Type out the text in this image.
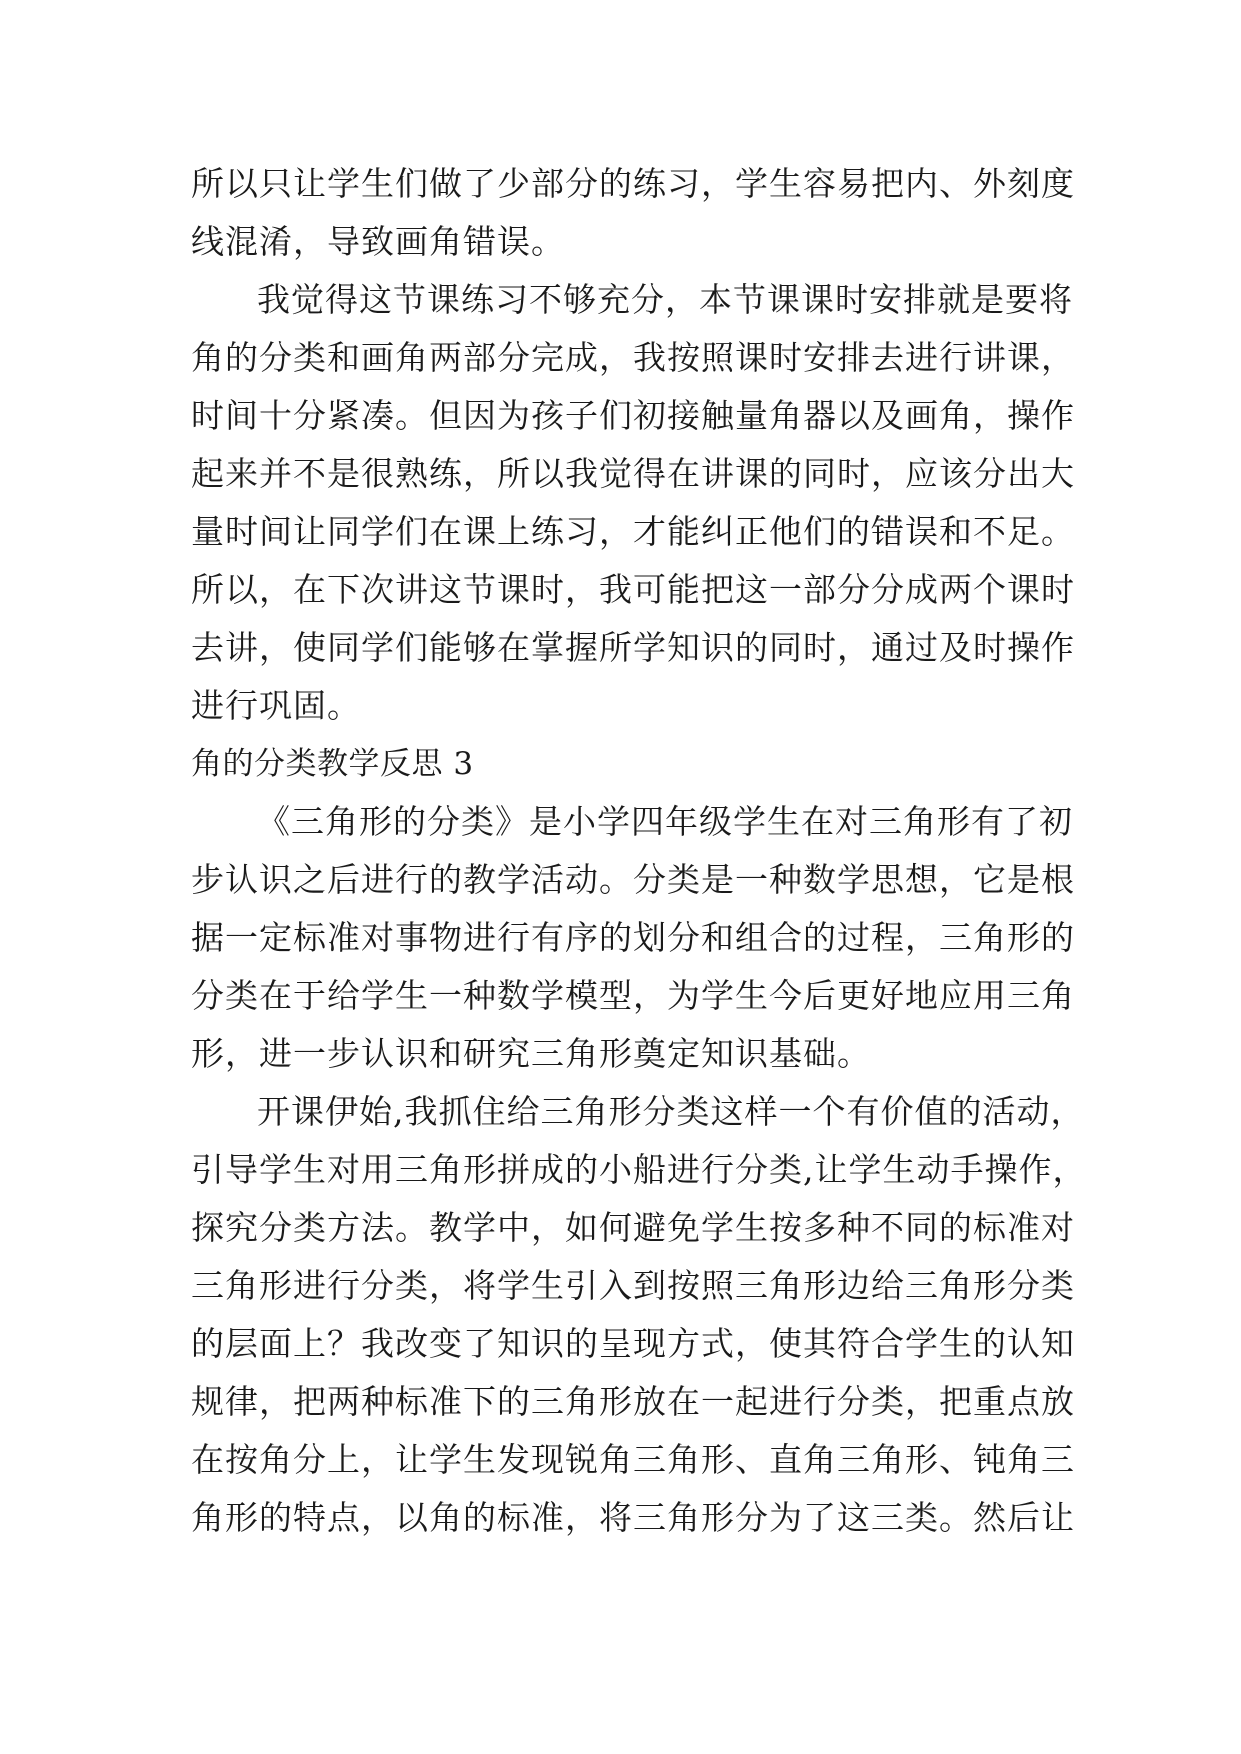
所以只让学生们做了少部分的练习，学生容易把内、外刻度
线混淆，导致画角错误。
我觉得这节课练习不够充分，本节课课时安排就是要将
角的分类和画角两部分完成，我按照课时安排去进行讲课，
时间十分紧凑。但因为孩子们初接触量角器以及画角，操作
起来并不是很熟练，所以我觉得在讲课的同时，应该分出大
量时间让同学们在课上练习，才能纠正他们的错误和不足。
所以，在下次讲这节课时，我可能把这一部分分成两个课时
去讲，使同学们能够在掌握所学知识的同时，通过及时操作
进行巩固。
角的分类教学反思 3
《三角形的分类》是小学四年级学生在对三角形有了初
步认识之后进行的教学活动。分类是一种数学思想，它是根
据一定标准对事物进行有序的划分和组合的过程，三角形的
分类在于给学生一种数学模型，为学生今后更好地应用三角
形，进一步认识和研究三角形奠定知识基础。
开课伊始,我抓住给三角形分类这样一个有价值的活动，
引导学生对用三角形拼成的小船进行分类,让学生动手操作，
探究分类方法。教学中，如何避免学生按多种不同的标准对
三角形进行分类，将学生引入到按照三角形边给三角形分类
的层面上？我改变了知识的呈现方式，使其符合学生的认知
规律，把两种标准下的三角形放在一起进行分类，把重点放
在按角分上，让学生发现锐角三角形、直角三角形、钝角三
角形的特点，以角的标准，将三角形分为了这三类。然后让
